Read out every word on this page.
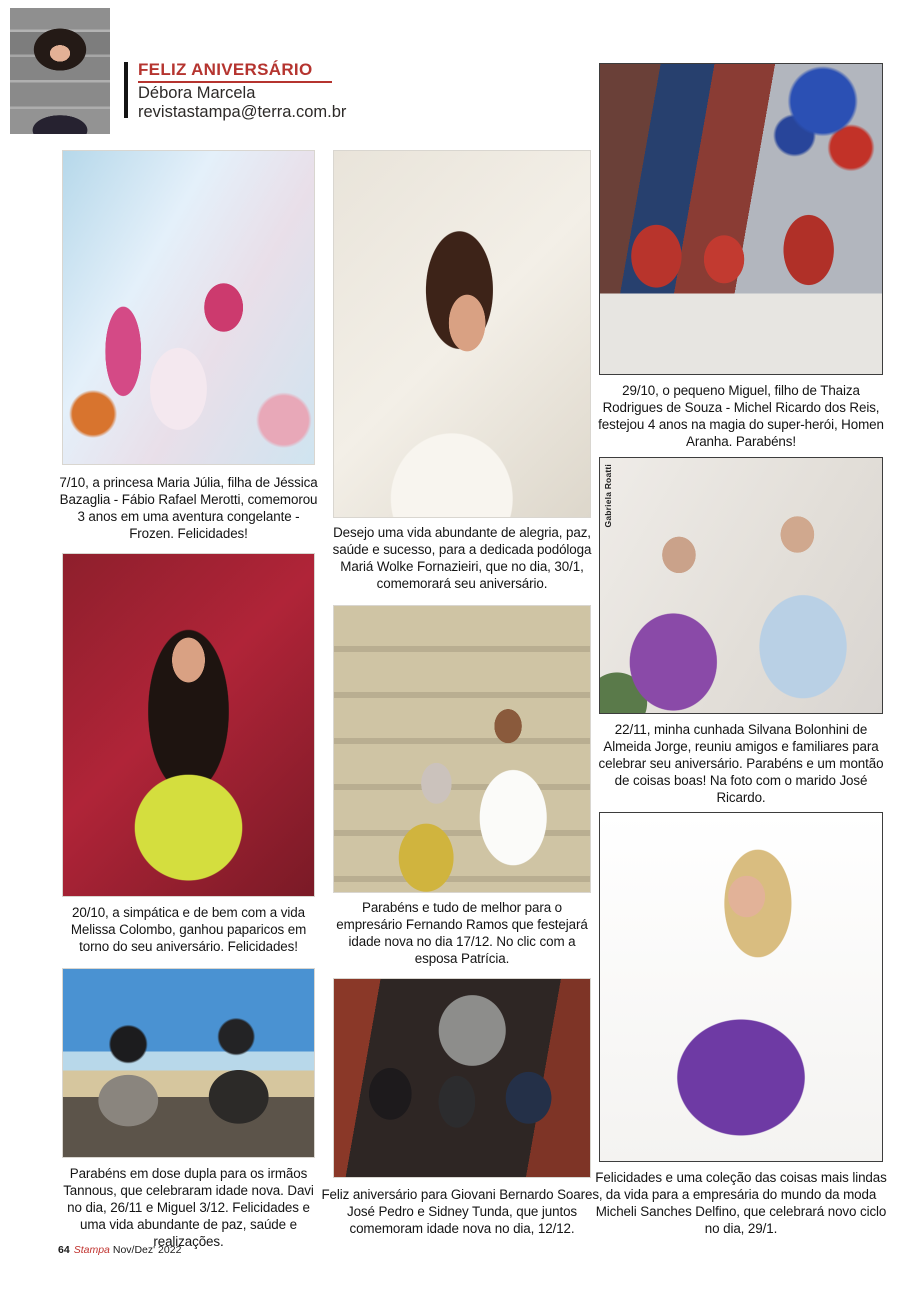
FELIZ ANIVERSÁRIO
Débora Marcela
revistastampa@terra.com.br
Gabriela Roatti
7/10, a princesa Maria Júlia, filha de Jéssica Bazaglia - Fábio Rafael Merotti, comemorou 3 anos em uma aventura congelante - Frozen. Felicidades!	Desejo uma vida abundante de alegria, paz, saúde e sucesso, para a dedicada podóloga Mariá Wolke Fornazieiri, que no dia, 30/1, comemorará seu aniversário.
29/10, o pequeno Miguel, filho de Thaiza Rodrigues de Souza - Michel Ricardo dos Reis, festejou 4 anos na magia do super-herói, Homen Aranha. Parabéns!
20/10, a simpática e de bem com a vida Melissa Colombo, ganhou paparicos em torno do seu aniversário. Felicidades!
Parabéns e tudo de melhor para o empresário Fernando Ramos que festejará idade nova no dia 17/12. No clic com a esposa Patrícia.
22/11, minha cunhada Silvana Bolonhini de Almeida Jorge, reuniu amigos e familiares para celebrar seu aniversário. Parabéns e um montão de coisas boas! Na foto com o marido José Ricardo.
Parabéns em dose dupla para os irmãos Tannous, que celebraram idade nova. Davi no dia, 26/11 e Miguel 3/12. Felicidades e uma vida abundante de paz, saúde e realizações.
Feliz aniversário para Giovani Bernardo Soares, José Pedro e Sidney Tunda, que juntos comemoram idade nova no dia, 12/12.
Felicidades e uma coleção das coisas mais lindas da vida para a empresária do mundo da moda Micheli Sanches Delfino, que celebrará novo ciclo no dia, 29/1.
64 Stampa Nov/Dez' 2022
